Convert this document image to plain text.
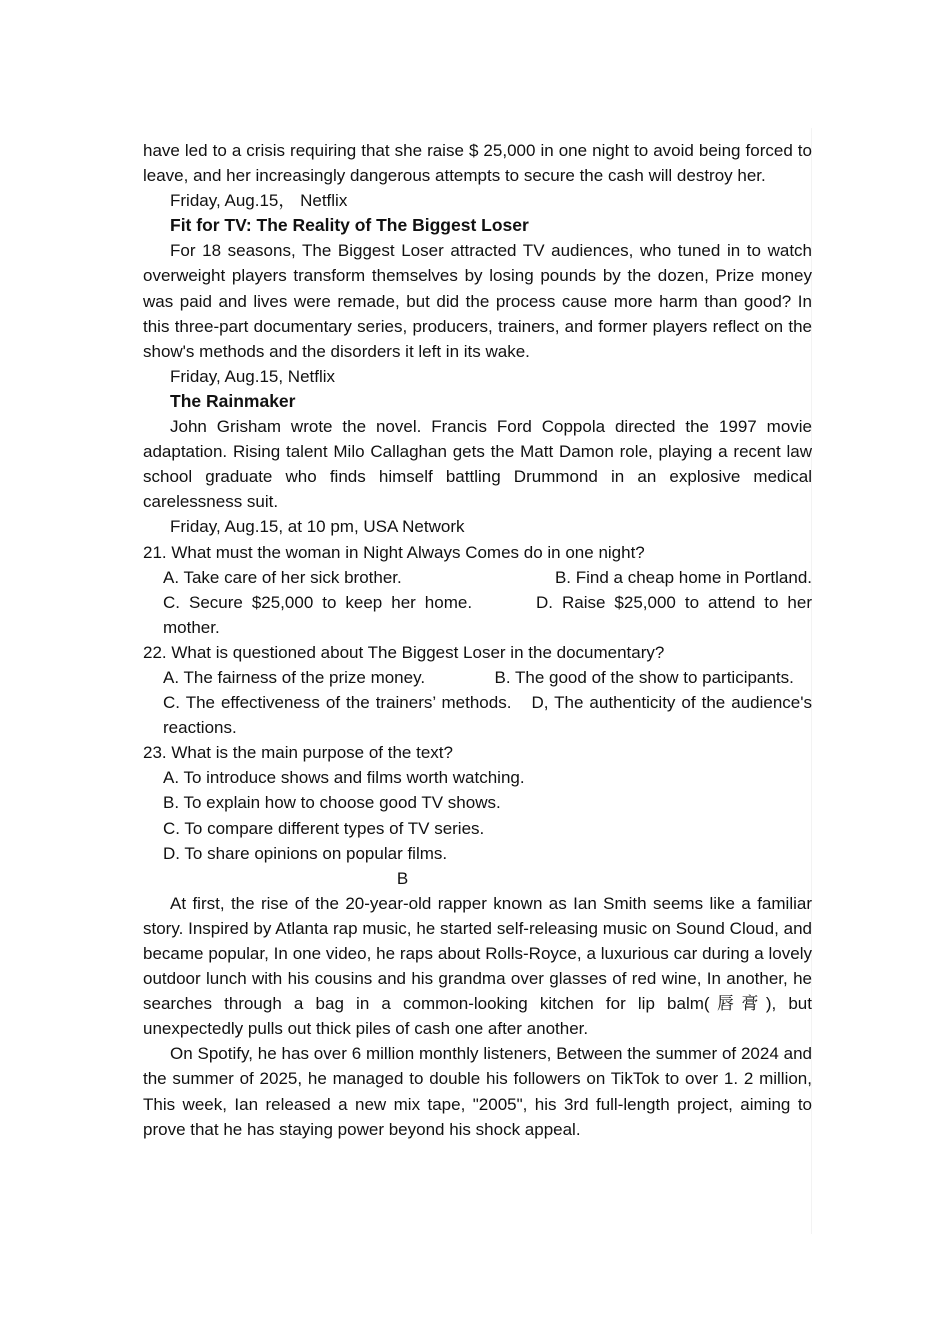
have led to a crisis requiring that she raise $ 25,000 in one night to avoid being forced to leave, and her increasingly dangerous attempts to secure the cash will destroy her.

Friday, Aug.15， Netflix

Fit for TV: The Reality of The Biggest Loser

For 18 seasons, The Biggest Loser attracted TV audiences, who tuned in to watch overweight players transform themselves by losing pounds by the dozen, Prize money was paid and lives were remade, but did the process cause more harm than good? In this three-part documentary series, producers, trainers, and former players reflect on the show's methods and the disorders it left in its wake.

Friday, Aug.15, Netflix

The Rainmaker

John Grisham wrote the novel. Francis Ford Coppola directed the 1997 movie adaptation. Rising talent Milo Callaghan gets the Matt Damon role, playing a recent law school graduate who finds himself battling Drummond in an explosive medical carelessness suit.

Friday, Aug.15, at 10 pm, USA Network

21. What must the woman in Night Always Comes do in one night?

A. Take care of her sick brother.	B. Find a cheap home in Portland.

C. Secure $25,000 to keep her home.	D. Raise $25,000 to attend to her mother.

22. What is questioned about The Biggest Loser in the documentary?

A. The fairness of the prize money.	B. The good of the show to participants.

C. The effectiveness of the trainers’ methods. D, The authenticity of the audience's reactions.

23. What is the main purpose of the text?

A. To introduce shows and films worth watching.

B. To explain how to choose good TV shows.

C. To compare different types of TV series.

D. To share opinions on popular films.

B

At first, the rise of the 20-year-old rapper known as Ian Smith seems like a familiar story. Inspired by Atlanta rap music, he started self-releasing music on Sound Cloud, and became popular, In one video, he raps about Rolls-Royce, a luxurious car during a lovely outdoor lunch with his cousins and his grandma over glasses of red wine, In another, he searches through a bag in a common-looking kitchen for lip balm(唇膏), but unexpectedly pulls out thick piles of cash one after another.

On Spotify, he has over 6 million monthly listeners, Between the summer of 2024 and the summer of 2025, he managed to double his followers on TikTok to over 1. 2 million, This week, Ian released a new mix tape, "2005", his 3rd full-length project, aiming to prove that he has staying power beyond his shock appeal.
